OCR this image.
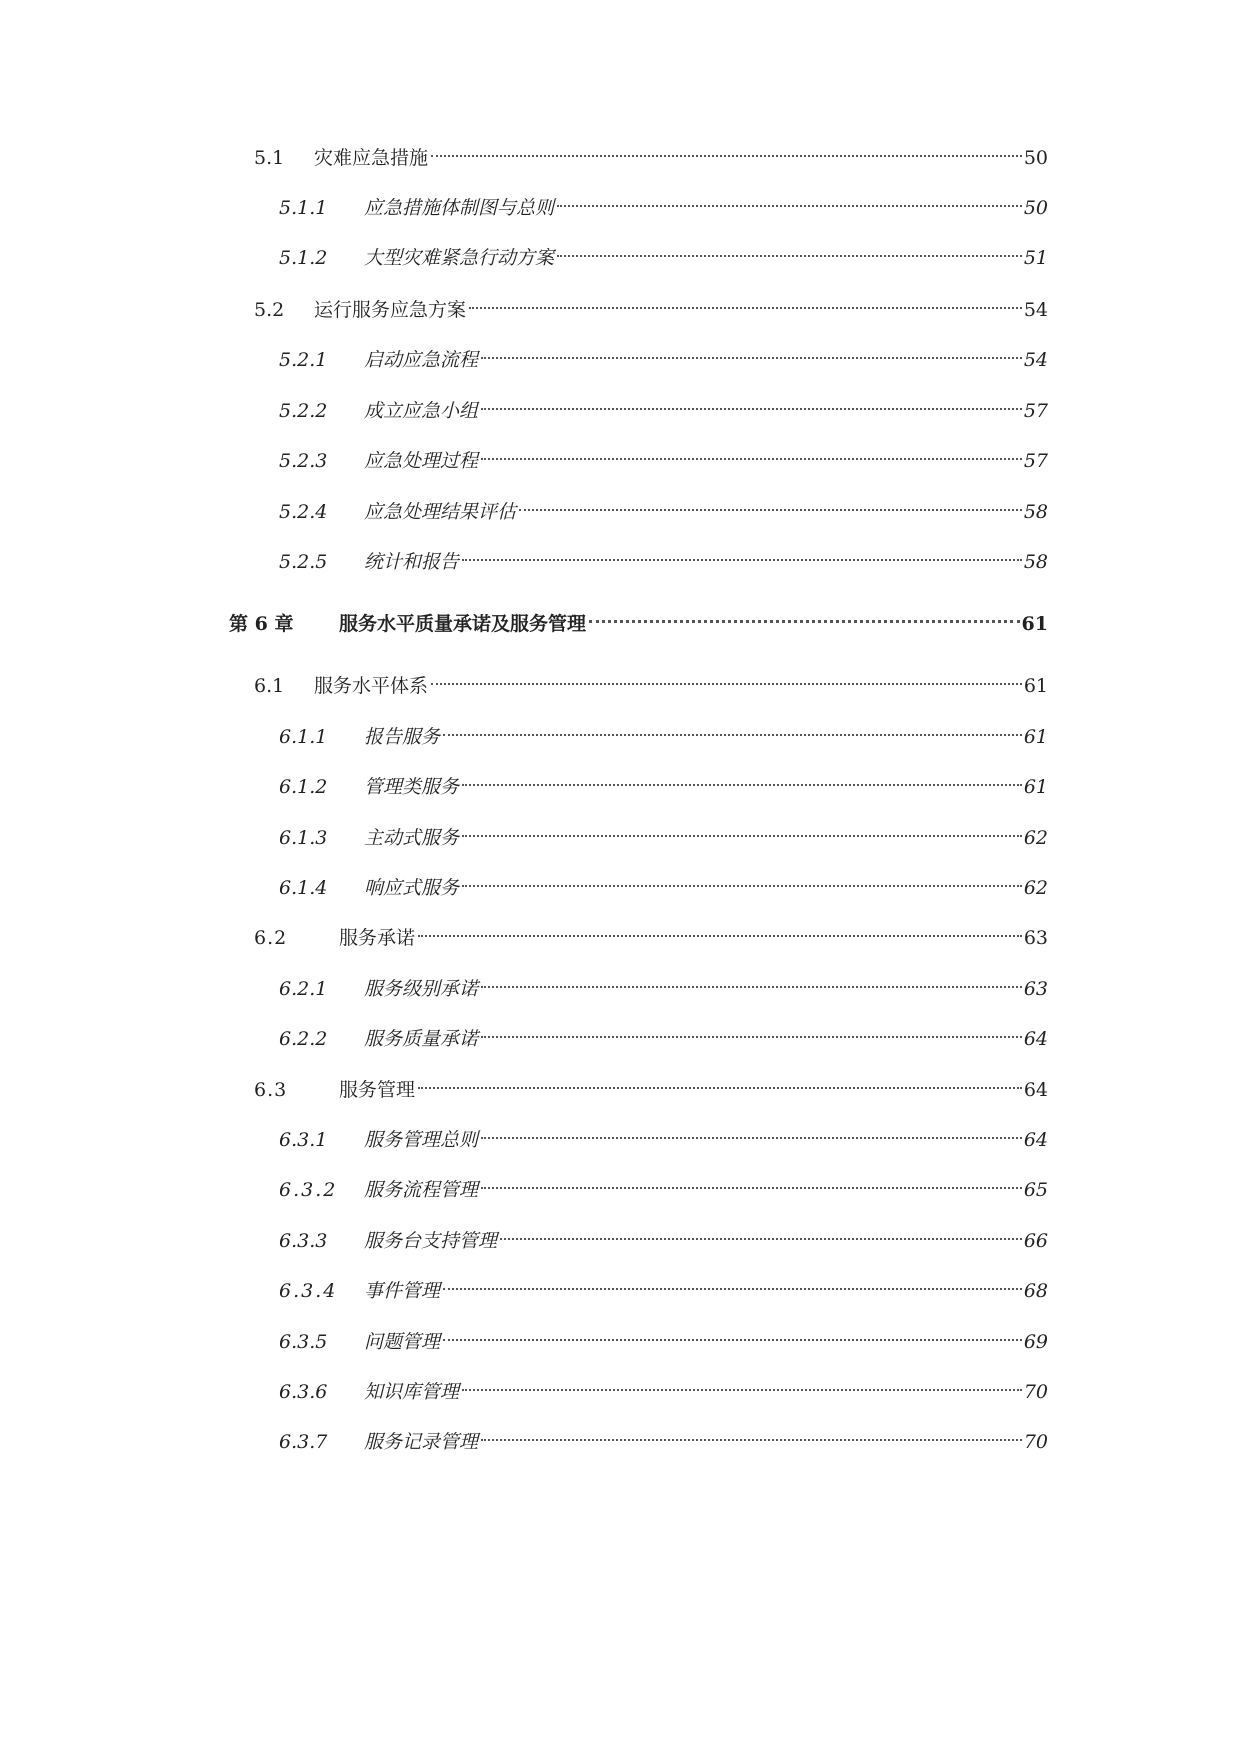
5.1 灾难应急措施	50
5.1.1 应急措施体制图与总则	50
5.1.2 大型灾难紧急行动方案	51
5.2 运行服务应急方案	54
5.2.1 启动应急流程	54
5.2.2 成立应急小组	57
5.2.3 应急处理过程	57
5.2.4 应急处理结果评估	58
5.2.5 统计和报告	58
第 6 章 服务水平质量承诺及服务管理	61
6.1 服务水平体系	61
6.1.1 报告服务	61
6.1.2 管理类服务	61
6.1.3 主动式服务	62
6.1.4 响应式服务	62
6.2	服务承诺	63
6.2.1 服务级别承诺	63
6.2.2 服务质量承诺	64
6.3	服务管理	64
6.3.1 服务管理总则	64
6.3.2 服务流程管理	65
6.3.3 服务台支持管理	66
6.3.4 事件管理	68
6.3.5 问题管理	69
6.3.6 知识库管理	70
6.3.7 服务记录管理	70
